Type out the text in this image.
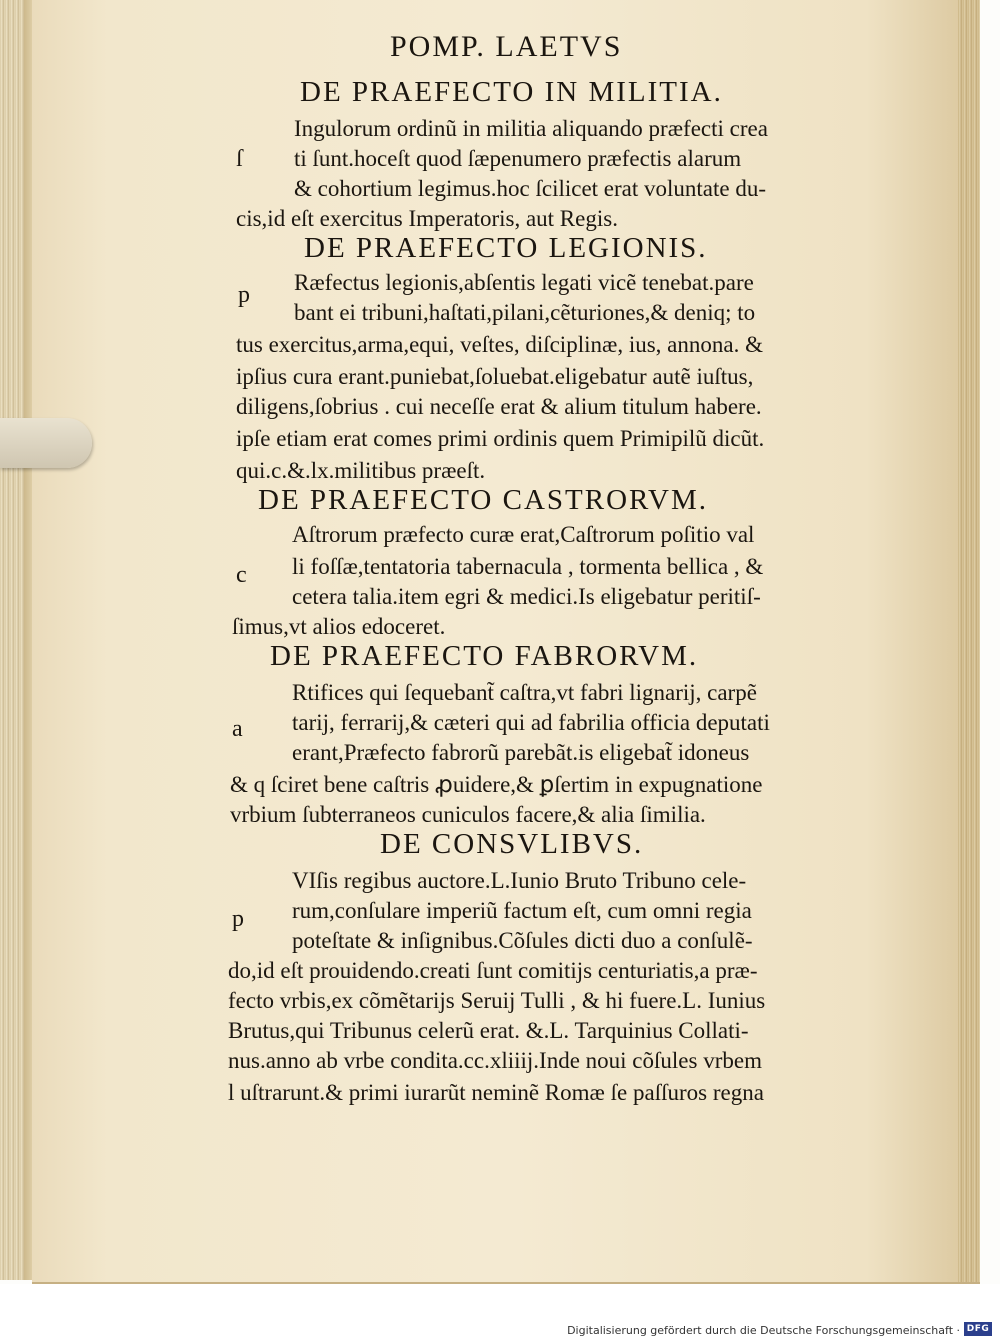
POMP. LAETVS
DE PRAEFECTO IN MILITIA.
ſ
Ingulorum ordinũ in militia aliquando præfecti crea
ti ſunt.hoceſt quod ſæpenumero præfectis alarum
& cohortium legimus.hoc ſcilicet erat voluntate du-
cis,id eſt exercitus Imperatoris, aut Regis.
DE PRAEFECTO LEGIONIS.
p Ræfectus legionis,abſentis legati vicẽ tenebat.pare
bant ei tribuni,haſtati,pilani,cẽturiones,& deniq; to
tus exercitus,arma,equi, veſtes, diſciplinæ, ius, annona. &
ipſius cura erant.puniebat,ſoluebat.eligebatur autẽ iuſtus,
diligens,ſobrius . cui neceſſe erat & alium titulum habere.
ipſe etiam erat comes primi ordinis quem Primipilũ dicũt.
qui.c.&.lx.militibus præeſt.
DE PRAEFECTO CASTRORVM.
c
Aſtrorum præfecto curæ erat,Caſtrorum poſitio val
li foſſæ,tentatoria tabernacula , tormenta bellica , &
cetera talia.item egri & medici.Is eligebatur peritiſ-
ſimus,vt alios edoceret.
DE PRAEFECTO FABRORVM.
a
Rtifices qui ſequebant̃ caſtra,vt fabri lignarij, carpẽ
tarij, ferrarij,& cæteri qui ad fabrilia officia deputati
erant,Præfecto fabrorũ parebãt.is eligebat̃ idoneus
& q ſciret bene caſtris ꝓuidere,& ꝑſertim in expugnatione
vrbium ſubterraneos cuniculos facere,& alia ſimilia.
DE CONSVLIBVS.
p
VIſis regibus auctore.L.Iunio Bruto Tribuno cele-
rum,conſulare imperiũ factum eſt, cum omni regia
poteſtate & inſignibus.Cõſules dicti duo a conſulẽ-
do,id eſt prouidendo.creati ſunt comitijs centuriatis,a præ-
fecto vrbis,ex cõmẽtarijs Seruij Tulli , & hi fuere.L. Iunius
Brutus,qui Tribunus celerũ erat. &.L. Tarquinius Collati-
nus.anno ab vrbe condita.cc.xliiij.Inde noui cõſules vrbem
l uſtrarunt.& primi iurarũt neminẽ Romæ ſe paſſuros regna
Digitalisierung gefördert durch die Deutsche Forschungsgemeinschaft · DFG
